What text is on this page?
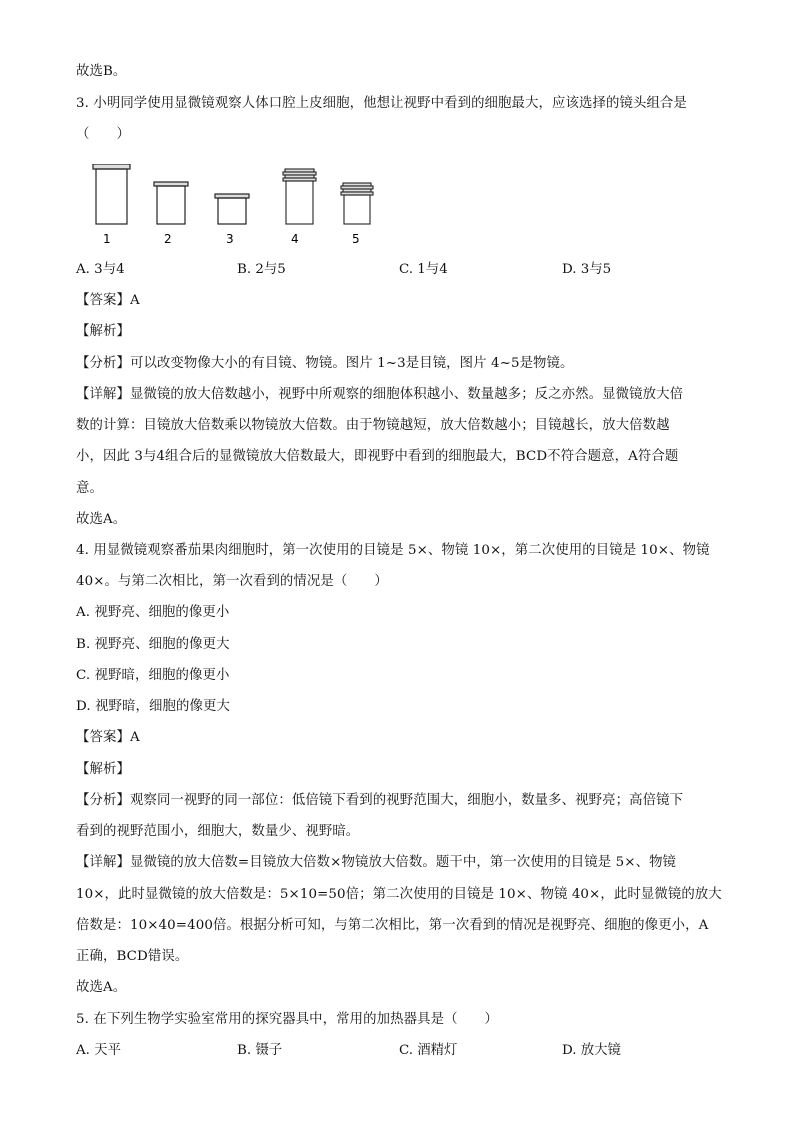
故选B。
3. 小明同学使用显微镜观察人体口腔上皮细胞，他想让视野中看到的细胞最大，应该选择的镜头组合是
（　　）
1	2	3	4	5
A. 3与4	B. 2与5	C. 1与4	D. 3与5
【答案】A
【解析】
【分析】可以改变物像大小的有目镜、物镜。图片 1~3是目镜，图片 4~5是物镜。
【详解】显微镜的放大倍数越小，视野中所观察的细胞体积越小、数量越多；反之亦然。显微镜放大倍
数的计算：目镜放大倍数乘以物镜放大倍数。由于物镜越短，放大倍数越小；目镜越长，放大倍数越
小，因此 3与4组合后的显微镜放大倍数最大，即视野中看到的细胞最大，BCD不符合题意，A符合题
意。
故选A。
4. 用显微镜观察番茄果肉细胞时，第一次使用的目镜是 5×、物镜 10×，第二次使用的目镜是 10×、物镜
40×。与第二次相比，第一次看到的情况是（　　）
A. 视野亮、细胞的像更小
B. 视野亮、细胞的像更大
C. 视野暗，细胞的像更小
D. 视野暗，细胞的像更大
【答案】A
【解析】
【分析】观察同一视野的同一部位：低倍镜下看到的视野范围大，细胞小，数量多、视野亮；高倍镜下
看到的视野范围小，细胞大，数量少、视野暗。
【详解】显微镜的放大倍数=目镜放大倍数×物镜放大倍数。题干中，第一次使用的目镜是 5×、物镜
10×，此时显微镜的放大倍数是：5×10=50倍；第二次使用的目镜是 10×、物镜 40×，此时显微镜的放大
倍数是：10×40=400倍。根据分析可知，与第二次相比，第一次看到的情况是视野亮、细胞的像更小，A
正确，BCD错误。
故选A。
5. 在下列生物学实验室常用的探究器具中，常用的加热器具是（　　）
A. 天平	B. 镊子	C. 酒精灯	D. 放大镜
